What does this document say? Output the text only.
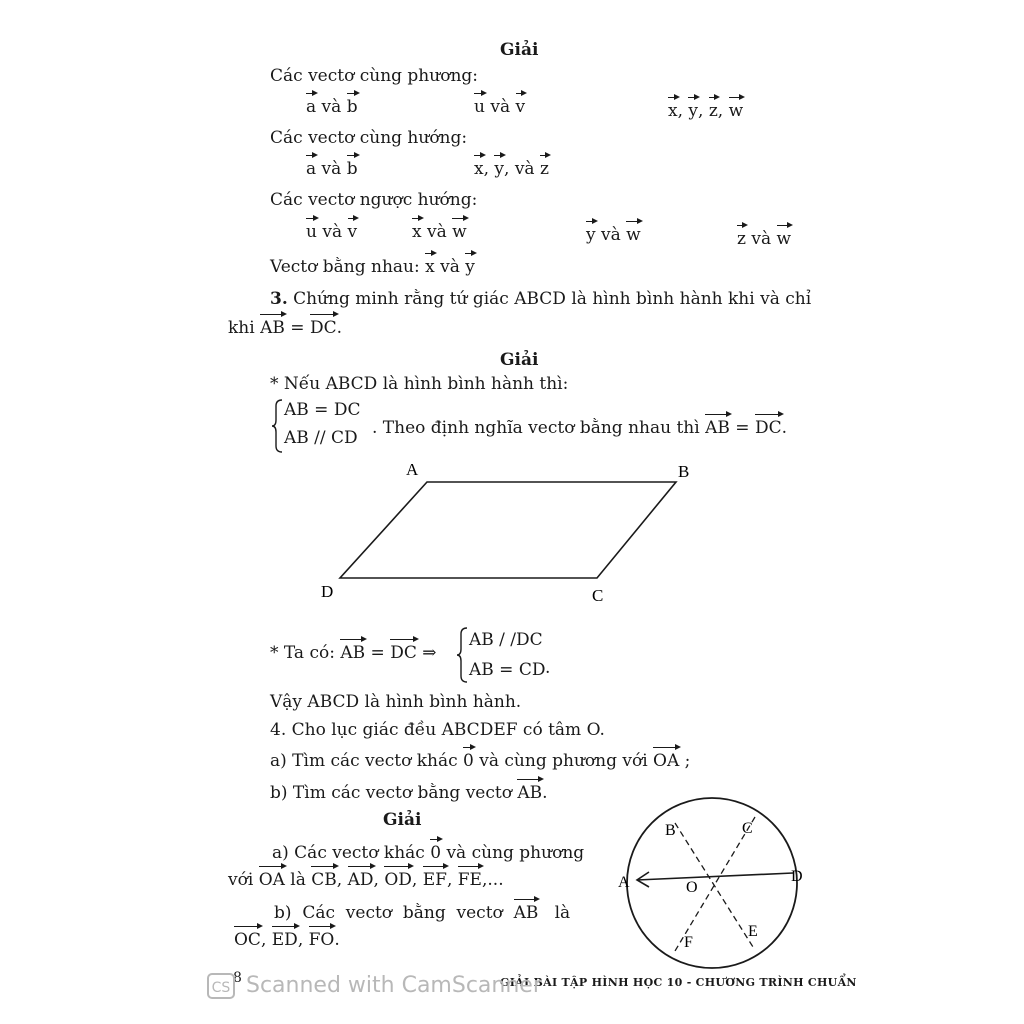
Giải
Các vectơ cùng phương:
a và b	u và v	x, y, z, w
Các vectơ cùng hướng:
a và b	x, y, và z
Các vectơ ngược hướng:
u và v	x và w	y và w	z và w
Vectơ bằng nhau: x và y
3. Chứng minh rằng tứ giác ABCD là hình bình hành khi và chỉ
khi AB = DC.
Giải
* Nếu ABCD là hình bình hành thì:
AB = DC
AB // CD . Theo định nghĩa vectơ bằng nhau thì AB = DC.
A	B
C
D
* Ta có: AB = DC ⇒
AB / /DC
AB = CD .
Vậy ABCD là hình bình hành.
4. Cho lục giác đều ABCDEF có tâm O.
a) Tìm các vectơ khác 0 và cùng phương với OA ;
b) Tìm các vectơ bằng vectơ AB.
Giải
a) Các vectơ khác 0 và cùng phương
với OA là CB, AD, OD, EF, FE,...
b)  Các  vectơ  bằng  vectơ  AB   là
OC, ED, FO.
B	C
A	D
O
E
F
8	GIẢI BÀI TẬP HÌNH HỌC 10 - CHƯƠNG TRÌNH CHUẨN
CS Scanned with CamScanner
